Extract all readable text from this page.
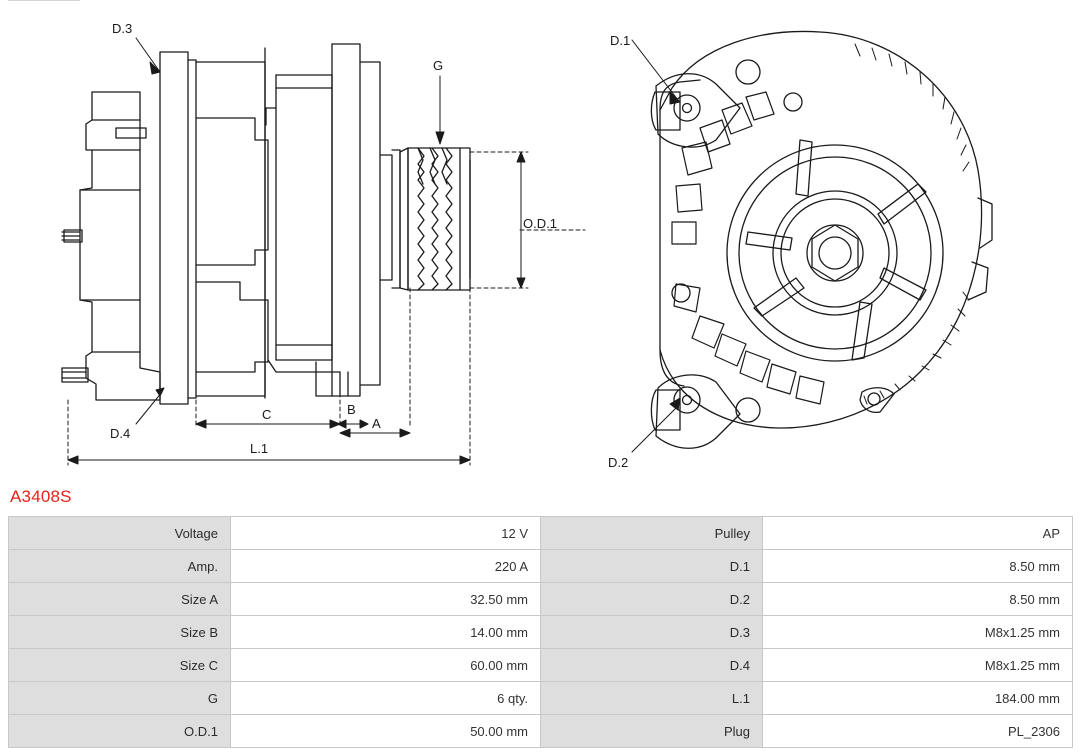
D.3
G
O.D.1
D.4
C	B
A
L.1
D.1
D.2
A3408S
Voltage	12 V	Pulley	AP
Amp.	220 A	D.1	8.50 mm
Size A	32.50 mm	D.2	8.50 mm
Size B	14.00 mm	D.3	M8x1.25 mm
Size C	60.00 mm	D.4	M8x1.25 mm
G	6 qty.	L.1	184.00 mm
O.D.1	50.00 mm	Plug	PL_2306
